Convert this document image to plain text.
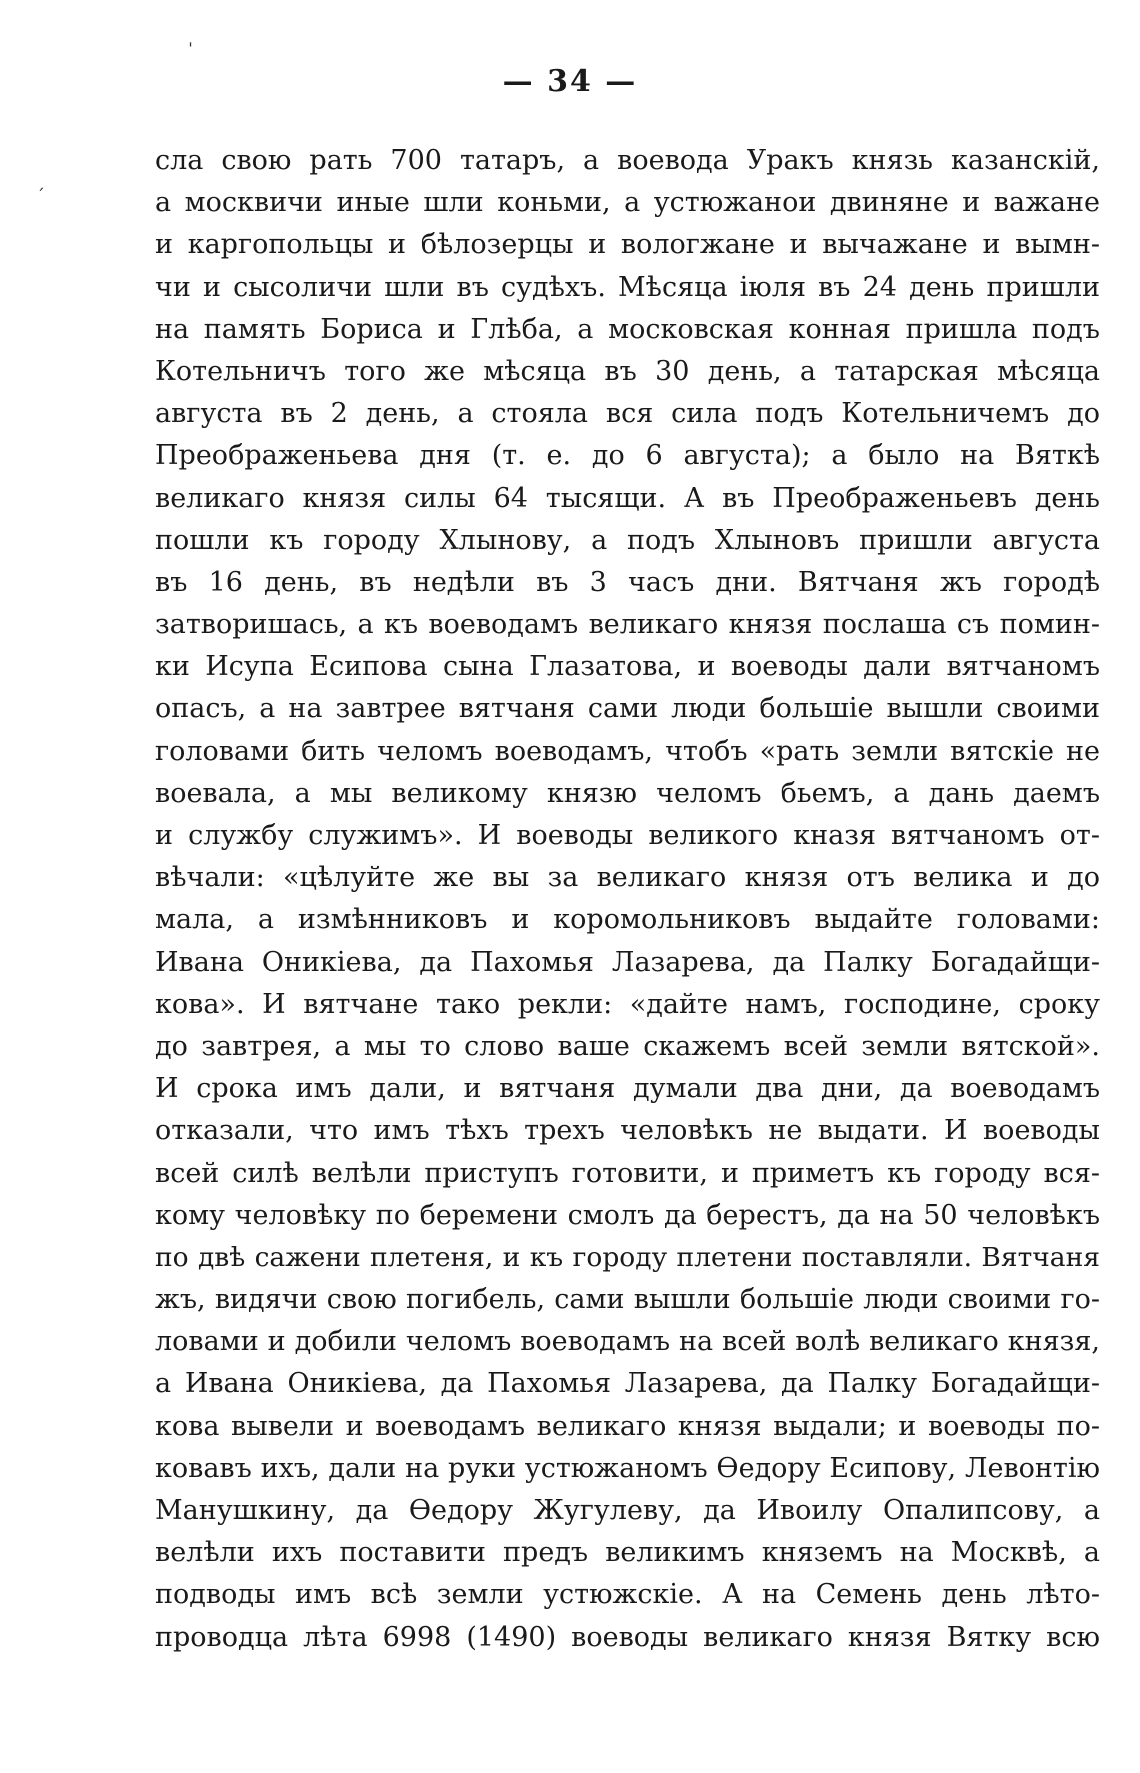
ˈ
ˊ
— 34 —
сла свою рать 700 татаръ, а воевода Уракъ князь казанскій,
а москвичи иные шли коньми, а устюжанои двиняне и важане
и каргопольцы и бѣлозерцы и вологжане и вычажане и вымн-
чи и сысоличи шли въ судѣхъ. Мѣсяца іюля въ 24 день пришли
на память Бориса и Глѣба, а московская конная пришла подъ
Котельничъ того же мѣсяца въ 30 день, а татарская мѣсяца
августа въ 2 день, а стояла вся сила подъ Котельничемъ до
Преображеньева дня (т. е. до 6 августа); а было на Вяткѣ
великаго князя силы 64 тысящи. А въ Преображеньевъ день
пошли къ городу Хлынову, а подъ Хлыновъ пришли августа
въ 16 день, въ недѣли въ 3 часъ дни. Вятчаня жъ городѣ
затворишась, а къ воеводамъ великаго князя послаша съ помин-
ки Исупа Есипова сына Глазатова, и воеводы дали вятчаномъ
опасъ, а на завтрее вятчаня сами люди большіе вышли своими
головами бить челомъ воеводамъ, чтобъ «рать земли вятскіе не
воевала, а мы великому князю челомъ бьемъ, а дань даемъ
и службу служимъ». И воеводы великого кназя вятчаномъ от-
вѣчали: «цѣлуйте же вы за великаго князя отъ велика и до
мала, а измѣнниковъ и коромольниковъ выдайте головами:
Ивана Оникіева, да Пахомья Лазарева, да Палку Богадайщи-
кова». И вятчане тако рекли: «дайте намъ, господине, сроку
до завтрея, а мы то слово ваше скажемъ всей земли вятской».
И срока имъ дали, и вятчаня думали два дни, да воеводамъ
отказали, что имъ тѣхъ трехъ человѣкъ не выдати. И воеводы
всей силѣ велѣли приступъ готовити, и приметъ къ городу вся-
кому человѣку по беремени смолъ да берестъ, да на 50 человѣкъ
по двѣ сажени плетеня, и къ городу плетени поставляли. Вятчаня
жъ, видячи свою погибель, сами вышли большіе люди своими го-
ловами и добили челомъ воеводамъ на всей волѣ великаго князя,
а Ивана Оникіева, да Пахомья Лазарева, да Палку Богадайщи-
кова вывели и воеводамъ великаго князя выдали; и воеводы по-
ковавъ ихъ, дали на руки устюжаномъ Ѳедору Есипову, Левонтію
Манушкину, да Ѳедору Жугулеву, да Ивоилу Опалипсову, а
велѣли ихъ поставити предъ великимъ княземъ на Москвѣ, а
подводы имъ всѣ земли устюжскіе. А на Семень день лѣто-
проводца лѣта 6998 (1490) воеводы великаго князя Вятку всю
